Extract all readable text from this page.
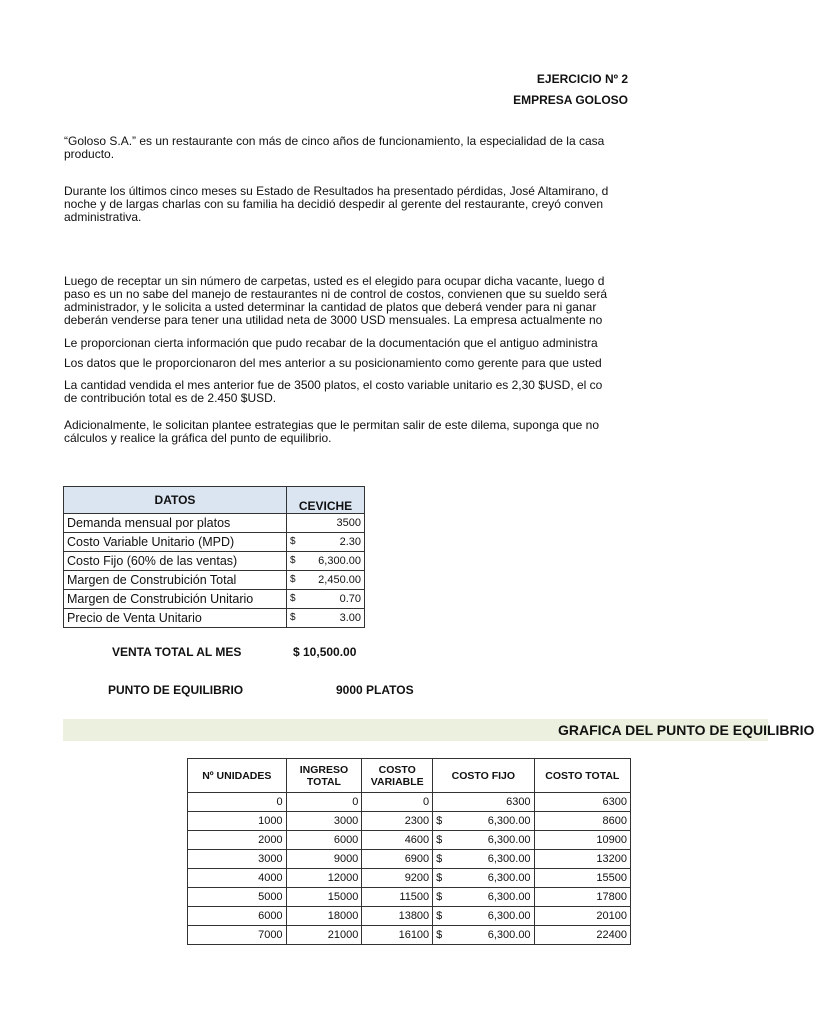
EJERCICIO Nº 2
EMPRESA GOLOSO
“Goloso S.A.” es un restaurante con más de cinco años de funcionamiento, la especialidad de la casa
producto.
Durante los últimos cinco meses su Estado de Resultados ha presentado pérdidas, José Altamirano, d
noche y de largas charlas con su familia ha decidió despedir al gerente del restaurante, creyó conven
administrativa.
Luego de receptar un sin número de carpetas, usted es el elegido para ocupar dicha vacante, luego d
paso es un no sabe del manejo de restaurantes ni de control de costos, convienen que su sueldo será
administrador, y le solicita a usted determinar la cantidad de platos que deberá vender para ni ganar
deberán venderse para tener una utilidad neta de 3000 USD mensuales. La empresa actualmente no
Le proporcionan cierta información que pudo recabar de la documentación que el antiguo administra
Los datos que le proporcionaron del mes anterior a su posicionamiento como gerente para que usted
La cantidad vendida el mes anterior fue de 3500 platos, el costo variable unitario es 2,30 $USD, el co
de contribución total es de 2.450 $USD.
Adicionalmente, le solicitan plantee estrategias que le permitan salir de este dilema, suponga que no
cálculos y realice la gráfica del punto de equilibrio.
DATOS	CEVICHE
Demanda mensual por platos	3500

Costo Variable Unitario (MPD)	$ 2.30

Costo Fijo (60% de las ventas)	$ 6,300.00

Margen de Construbición Total	$ 2,450.00

Margen de Construbición Unitario	$ 0.70

Precio de Venta Unitario	$ 3.00
VENTA TOTAL AL MES	$ 10,500.00
PUNTO DE EQUILIBRIO	9000 PLATOS
GRAFICA DEL PUNTO DE EQUILIBRIO
Nº UNIDADES	INGRESO TOTAL	COSTO VARIABLE	COSTO FIJO	COSTO TOTAL
0	0	0	6300	6300
1000	3000	2300	$ 6,300.00	8600
2000	6000	4600	$ 6,300.00	10900
3000	9000	6900	$ 6,300.00	13200
4000	12000	9200	$ 6,300.00	15500
5000	15000	11500	$ 6,300.00	17800
6000	18000	13800	$ 6,300.00	20100
7000	21000	16100	$ 6,300.00	22400
